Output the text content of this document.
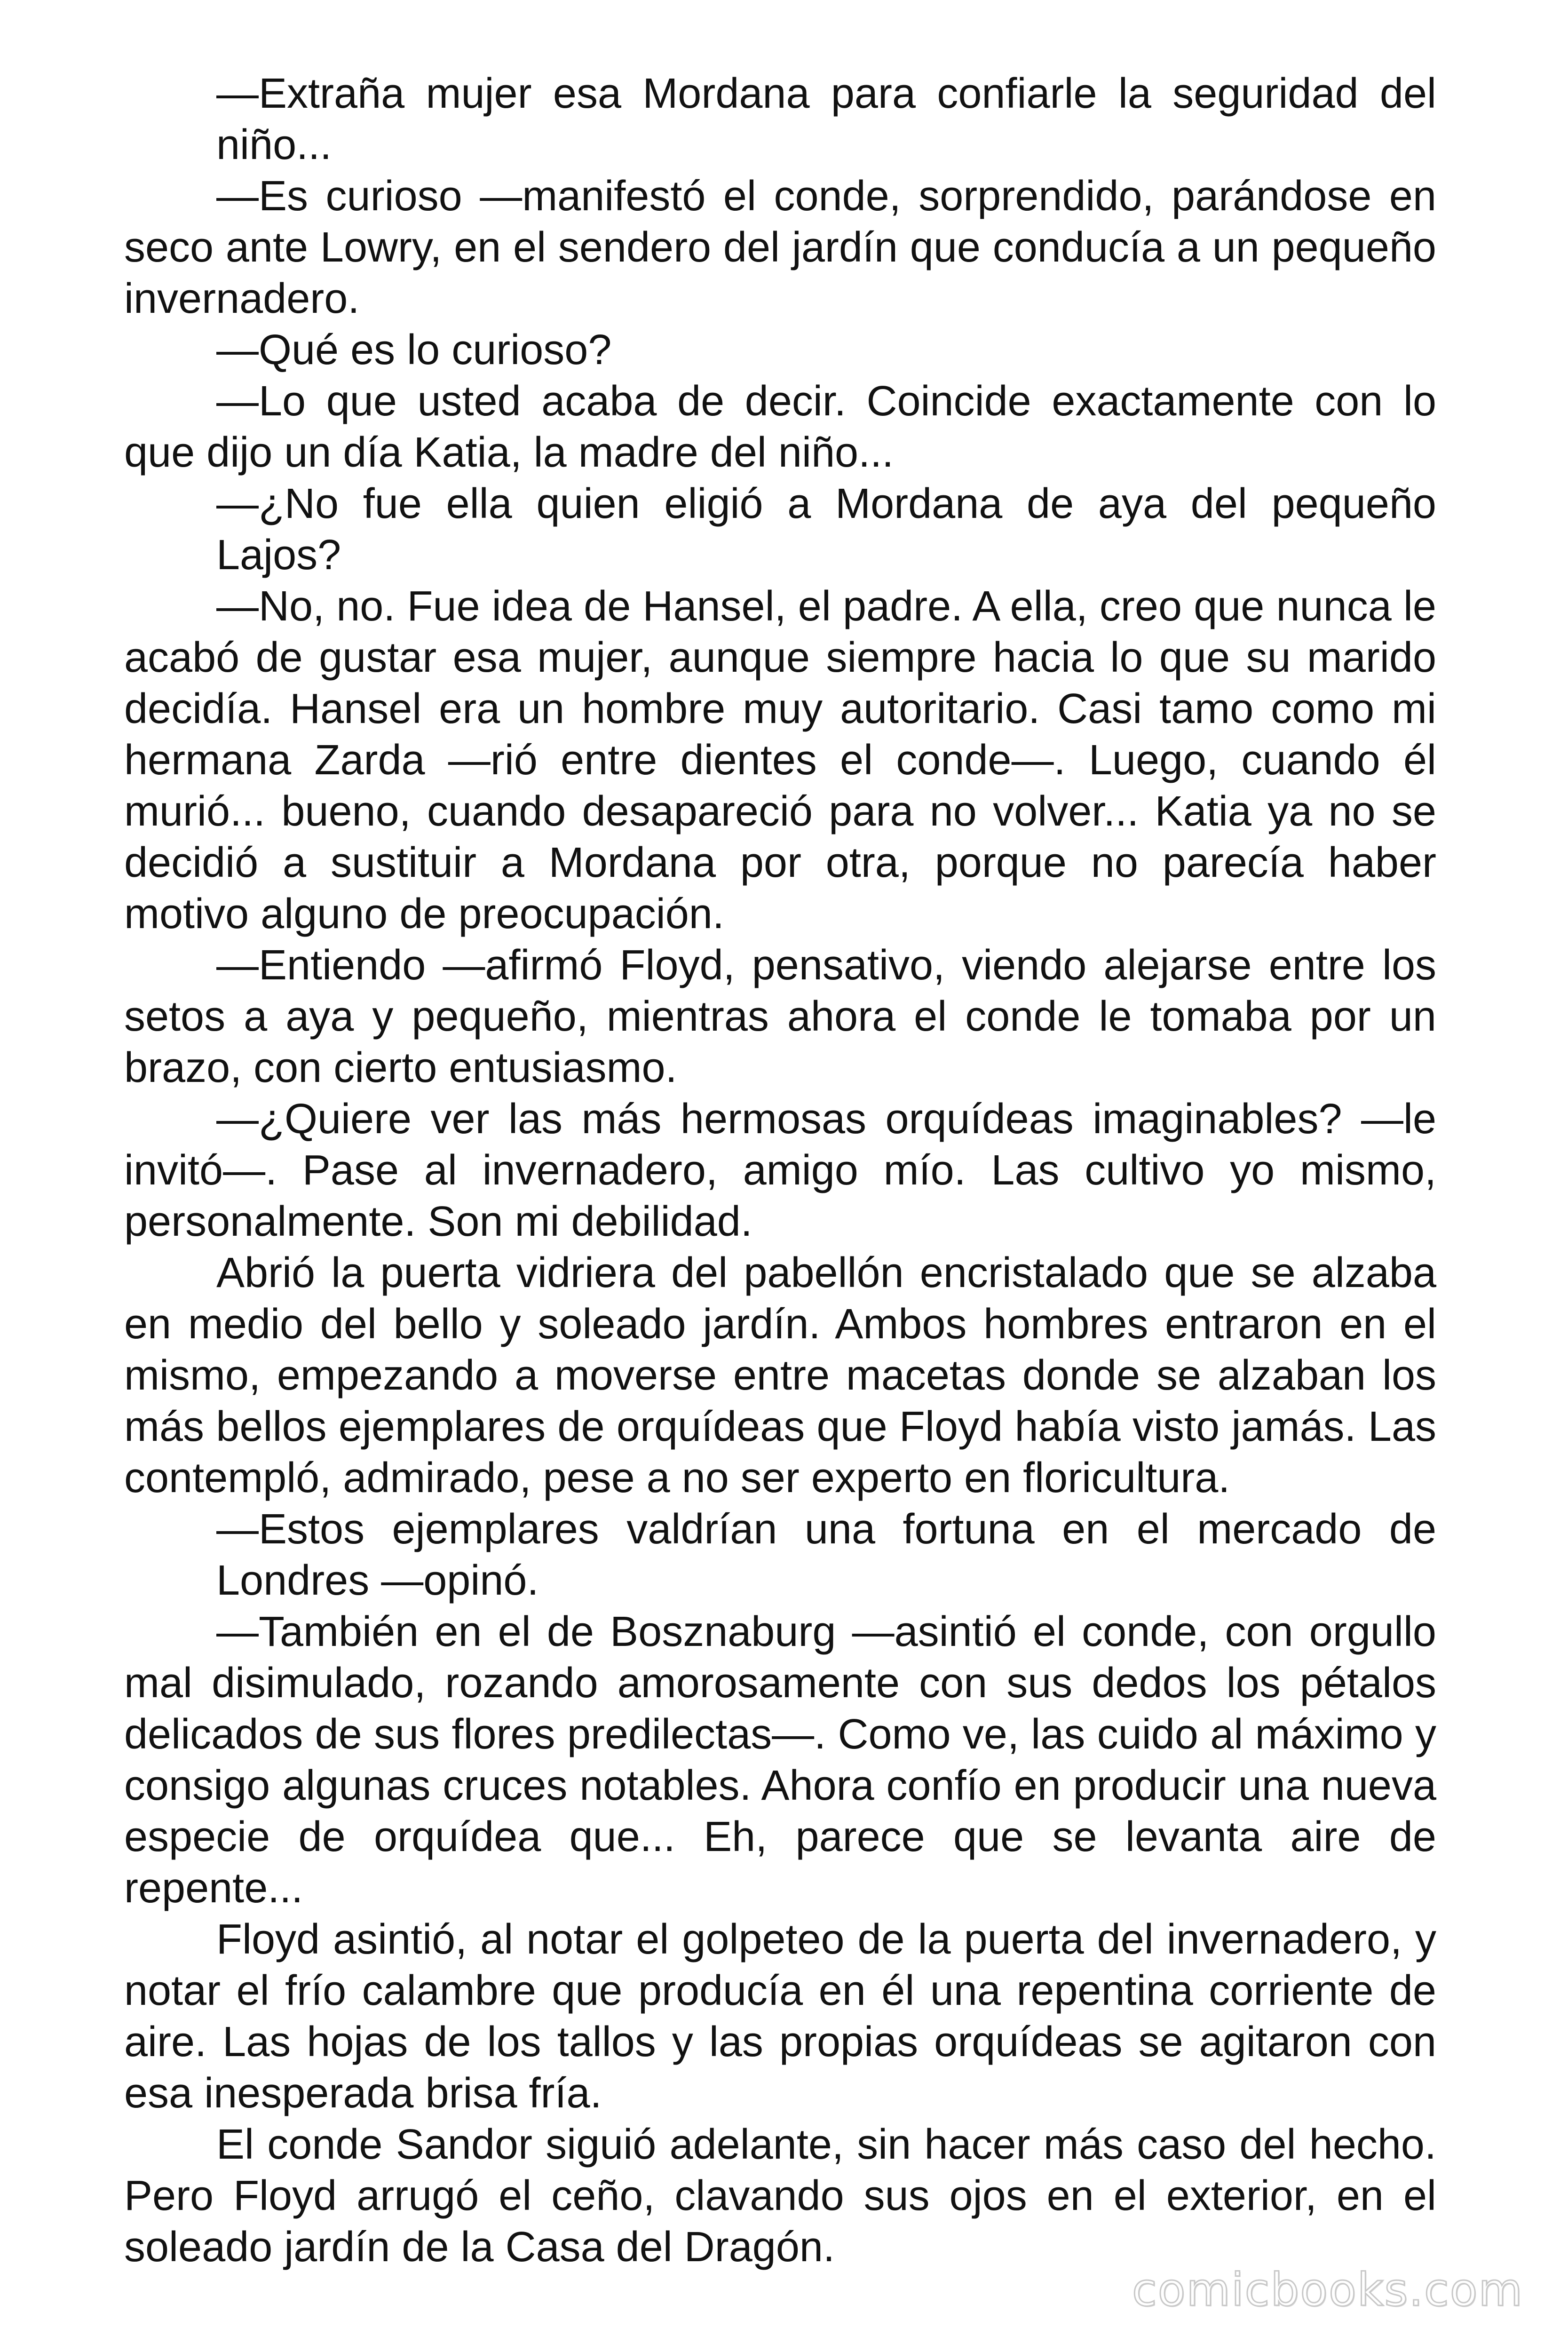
—Extraña mujer esa Mordana para confiarle la seguridad del niño...

—Es curioso —manifestó el conde, sorprendido, parándose en seco ante Lowry, en el sendero del jardín que conducía a un pequeño invernadero.

—Qué es lo curioso?

—Lo que usted acaba de decir. Coincide exactamente con lo que dijo un día Katia, la madre del niño...

—¿No fue ella quien eligió a Mordana de aya del pequeño Lajos?

—No, no. Fue idea de Hansel, el padre. A ella, creo que nunca le acabó de gustar esa mujer, aunque siempre hacia lo que su marido decidía. Hansel era un hombre muy autoritario. Casi tamo como mi hermana Zarda —rió entre dientes el conde—. Luego, cuando él murió... bueno, cuando desapareció para no volver... Katia ya no se decidió a sustituir a Mordana por otra, porque no parecía haber motivo alguno de preocupación.

—Entiendo —afirmó Floyd, pensativo, viendo alejarse entre los setos a aya y pequeño, mientras ahora el conde le tomaba por un brazo, con cierto entusiasmo.

—¿Quiere ver las más hermosas orquídeas imaginables? —le invitó—. Pase al invernadero, amigo mío. Las cultivo yo mismo, personalmente. Son mi debilidad.

Abrió la puerta vidriera del pabellón encristalado que se alzaba en medio del bello y soleado jardín. Ambos hombres entraron en el mismo, empezando a moverse entre macetas donde se alzaban los más bellos ejemplares de orquídeas que Floyd había visto jamás. Las contempló, admirado, pese a no ser experto en floricultura.

—Estos ejemplares valdrían una fortuna en el mercado de Londres —opinó.

—También en el de Bosznaburg —asintió el conde, con orgullo mal disimulado, rozando amorosamente con sus dedos los pétalos delicados de sus flores predilectas—. Como ve, las cuido al máximo y consigo algunas cruces notables. Ahora confío en producir una nueva especie de orquídea que... Eh, parece que se levanta aire de repente...

Floyd asintió, al notar el golpeteo de la puerta del invernadero, y notar el frío calambre que producía en él una repentina corriente de aire. Las hojas de los tallos y las propias orquídeas se agitaron con esa inesperada brisa fría.

El conde Sandor siguió adelante, sin hacer más caso del hecho. Pero Floyd arrugó el ceño, clavando sus ojos en el exterior, en el soleado jardín de la Casa del Dragón.

comicbooks.com
